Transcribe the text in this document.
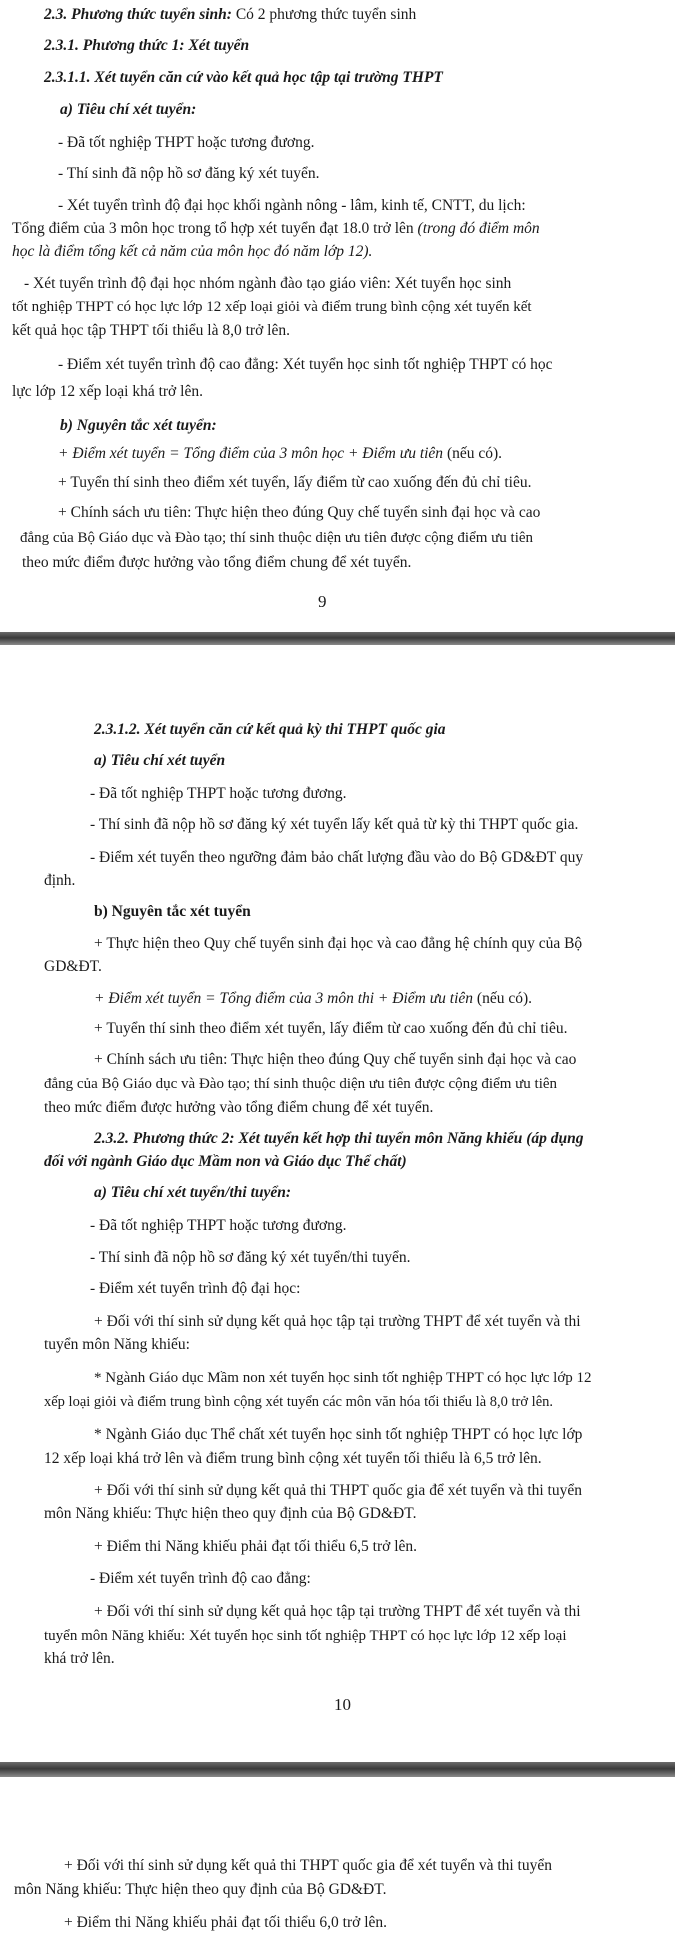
2.3. Phương thức tuyển sinh: Có 2 phương thức tuyển sinh
2.3.1. Phương thức 1: Xét tuyển
2.3.1.1. Xét tuyển căn cứ vào kết quả học tập tại trường THPT
a) Tiêu chí xét tuyển:
- Đã tốt nghiệp THPT hoặc tương đương.
- Thí sinh đã nộp hồ sơ đăng ký xét tuyển.
- Xét tuyển trình độ đại học khối ngành nông - lâm, kinh tế, CNTT, du lịch:
Tổng điểm của 3 môn học trong tổ hợp xét tuyển đạt 18.0 trở lên (trong đó điểm môn
học là điểm tổng kết cả năm của môn học đó năm lớp 12).
- Xét tuyển trình độ đại học nhóm ngành đào tạo giáo viên: Xét tuyển học sinh
tốt nghiệp THPT có học lực lớp 12 xếp loại giỏi và điểm trung bình cộng xét tuyển kết
kết quả học tập THPT tối thiểu là 8,0 trở lên.
- Điểm xét tuyển trình độ cao đẳng: Xét tuyển học sinh tốt nghiệp THPT có học
lực lớp 12 xếp loại khá trở lên.
b) Nguyên tắc xét tuyển:
+ Điểm xét tuyển = Tổng điểm của 3 môn học + Điểm ưu tiên (nếu có).
+ Tuyển thí sinh theo điểm xét tuyển, lấy điểm từ cao xuống đến đủ chỉ tiêu.
+ Chính sách ưu tiên: Thực hiện theo đúng Quy chế tuyển sinh đại học và cao
đẳng của Bộ Giáo dục và Đào tạo; thí sinh thuộc diện ưu tiên được cộng điểm ưu tiên
theo mức điểm được hưởng vào tổng điểm chung để xét tuyển.
9
2.3.1.2. Xét tuyển căn cứ kết quả kỳ thi THPT quốc gia
a) Tiêu chí xét tuyển
- Đã tốt nghiệp THPT hoặc tương đương.
- Thí sinh đã nộp hồ sơ đăng ký xét tuyển lấy kết quả từ kỳ thi THPT quốc gia.
- Điểm xét tuyển theo ngưỡng đảm bảo chất lượng đầu vào do Bộ GD&ĐT quy
định.
b) Nguyên tắc xét tuyển
+ Thực hiện theo Quy chế tuyển sinh đại học và cao đẳng hệ chính quy của Bộ
GD&ĐT.
+ Điểm xét tuyển = Tổng điểm của 3 môn thi + Điểm ưu tiên (nếu có).
+ Tuyển thí sinh theo điểm xét tuyển, lấy điểm từ cao xuống đến đủ chỉ tiêu.
+ Chính sách ưu tiên: Thực hiện theo đúng Quy chế tuyển sinh đại học và cao
đẳng của Bộ Giáo dục và Đào tạo; thí sinh thuộc diện ưu tiên được cộng điểm ưu tiên
theo mức điểm được hưởng vào tổng điểm chung để xét tuyển.
2.3.2. Phương thức 2: Xét tuyển kết hợp thi tuyển môn Năng khiếu (áp dụng
đối với ngành Giáo dục Mầm non và Giáo dục Thể chất)
a) Tiêu chí xét tuyển/thi tuyển:
- Đã tốt nghiệp THPT hoặc tương đương.
- Thí sinh đã nộp hồ sơ đăng ký xét tuyển/thi tuyển.
- Điểm xét tuyển trình độ đại học:
+ Đối với thí sinh sử dụng kết quả học tập tại trường THPT để xét tuyển và thi
tuyển môn Năng khiếu:
* Ngành Giáo dục Mầm non xét tuyển học sinh tốt nghiệp THPT có học lực lớp 12
xếp loại giỏi và điểm trung bình cộng xét tuyển các môn văn hóa tối thiểu là 8,0 trở lên.
* Ngành Giáo dục Thể chất xét tuyển học sinh tốt nghiệp THPT có học lực lớp
12 xếp loại khá trở lên và điểm trung bình cộng xét tuyển tối thiểu là 6,5 trở lên.
+ Đối với thí sinh sử dụng kết quả thi THPT quốc gia để xét tuyển và thi tuyển
môn Năng khiếu: Thực hiện theo quy định của Bộ GD&ĐT.
+ Điểm thi Năng khiếu phải đạt tối thiểu 6,5 trở lên.
- Điểm xét tuyển trình độ cao đẳng:
+ Đối với thí sinh sử dụng kết quả học tập tại trường THPT để xét tuyển và thi
tuyển môn Năng khiếu: Xét tuyển học sinh tốt nghiệp THPT có học lực lớp 12 xếp loại
khá trở lên.
10
+ Đối với thí sinh sử dụng kết quả thi THPT quốc gia để xét tuyển và thi tuyển
môn Năng khiếu: Thực hiện theo quy định của Bộ GD&ĐT.
+ Điểm thi Năng khiếu phải đạt tối thiểu 6,0 trở lên.
